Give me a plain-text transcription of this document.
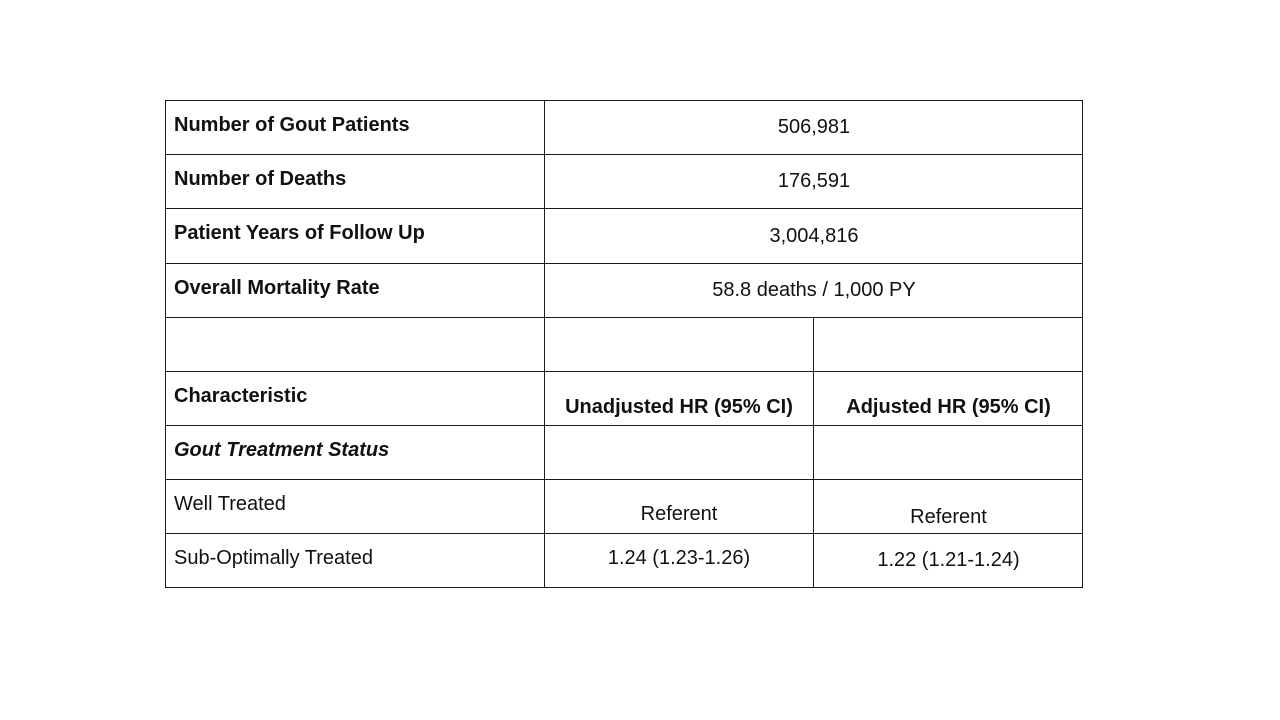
Number of Gout Patients	506,981
Number of Deaths	176,591
Patient Years of Follow Up	3,004,816
Overall Mortality Rate	58.8 deaths / 1,000 PY
Characteristic	Unadjusted HR (95% CI)	Adjusted HR (95% CI)
Gout Treatment Status
Well Treated	Referent	Referent
Sub-Optimally Treated	1.24 (1.23-1.26)	1.22 (1.21-1.24)
